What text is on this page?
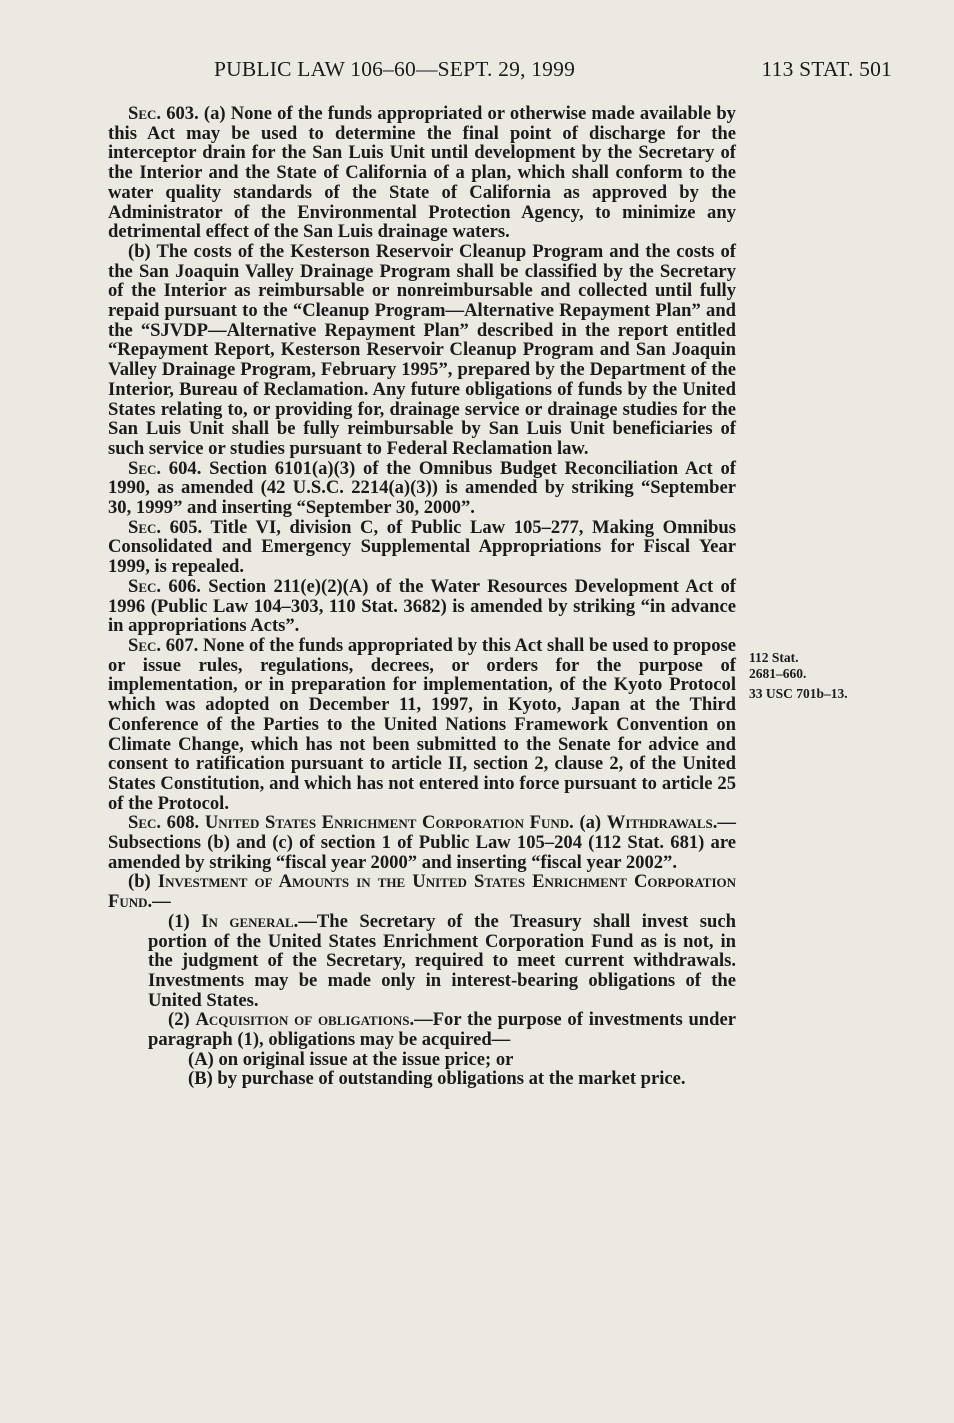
PUBLIC LAW 106–60—SEPT. 29, 1999	113 STAT. 501

Sec. 603. (a) None of the funds appropriated or otherwise made available by this Act may be used to determine the final point of discharge for the interceptor drain for the San Luis Unit until development by the Secretary of the Interior and the State of California of a plan, which shall conform to the water quality standards of the State of California as approved by the Administrator of the Environmental Protection Agency, to minimize any detrimental effect of the San Luis drainage waters.

(b) The costs of the Kesterson Reservoir Cleanup Program and the costs of the San Joaquin Valley Drainage Program shall be classified by the Secretary of the Interior as reimbursable or nonreimbursable and collected until fully repaid pursuant to the “Cleanup Program—Alternative Repayment Plan” and the “SJVDP—Alternative Repayment Plan” described in the report entitled “Repayment Report, Kesterson Reservoir Cleanup Program and San Joaquin Valley Drainage Program, February 1995”, prepared by the Department of the Interior, Bureau of Reclamation. Any future obligations of funds by the United States relating to, or providing for, drainage service or drainage studies for the San Luis Unit shall be fully reimbursable by San Luis Unit beneficiaries of such service or studies pursuant to Federal Reclamation law.

Sec. 604. Section 6101(a)(3) of the Omnibus Budget Reconciliation Act of 1990, as amended (42 U.S.C. 2214(a)(3)) is amended by striking “September 30, 1999” and inserting “September 30, 2000”.

Sec. 605. Title VI, division C, of Public Law 105–277, Making Omnibus Consolidated and Emergency Supplemental Appropriations for Fiscal Year 1999, is repealed.

Sec. 606. Section 211(e)(2)(A) of the Water Resources Development Act of 1996 (Public Law 104–303, 110 Stat. 3682) is amended by striking “in advance in appropriations Acts”.

Sec. 607. None of the funds appropriated by this Act shall be used to propose or issue rules, regulations, decrees, or orders for the purpose of implementation, or in preparation for implementation, of the Kyoto Protocol which was adopted on December 11, 1997, in Kyoto, Japan at the Third Conference of the Parties to the United Nations Framework Convention on Climate Change, which has not been submitted to the Senate for advice and consent to ratification pursuant to article II, section 2, clause 2, of the United States Constitution, and which has not entered into force pursuant to article 25 of the Protocol.

Sec. 608. United States Enrichment Corporation Fund. (a) Withdrawals.—Subsections (b) and (c) of section 1 of Public Law 105–204 (112 Stat. 681) are amended by striking “fiscal year 2000” and inserting “fiscal year 2002”.

(b) Investment of Amounts in the United States Enrichment Corporation Fund.—

(1) In general.—The Secretary of the Treasury shall invest such portion of the United States Enrichment Corporation Fund as is not, in the judgment of the Secretary, required to meet current withdrawals. Investments may be made only in interest-bearing obligations of the United States.

(2) Acquisition of obligations.—For the purpose of investments under paragraph (1), obligations may be acquired—

(A) on original issue at the issue price; or

(B) by purchase of outstanding obligations at the market price.

112 Stat.
2681–660.
33 USC 701b–13.
